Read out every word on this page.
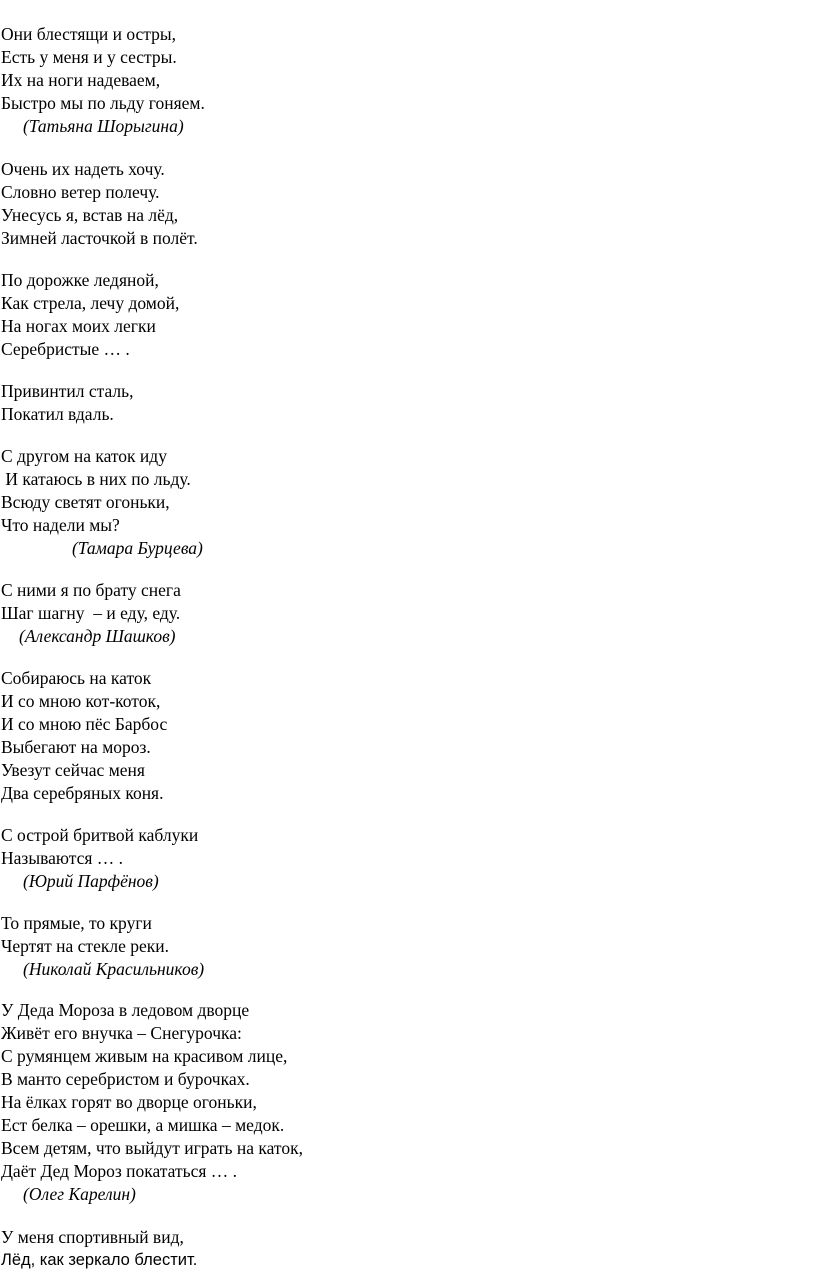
Они блестящи и остры,
Есть у меня и у сестры.
Их на ноги надеваем,
Быстро мы по льду гоняем.
(Татьяна Шорыгина)
Очень их надеть хочу.
Словно ветер полечу.
Унесусь я, встав на лёд,
Зимней ласточкой в полёт.
По дорожке ледяной,
Как стрела, лечу домой,
На ногах моих легки
Серебристые … .
Привинтил сталь,
Покатил вдаль.
С другом на каток иду
И катаюсь в них по льду.
Всюду светят огоньки,
Что надели мы?
(Тамара Бурцева)
С ними я по брату снега
Шаг шагну  – и еду, еду.
(Александр Шашков)
Собираюсь на каток
И со мною кот-коток,
И со мною пёс Барбос
Выбегают на мороз.
Увезут сейчас меня
Два серебряных коня.
С острой бритвой каблуки
Называются … .
(Юрий Парфёнов)
То прямые, то круги
Чертят на стекле реки.
(Николай Красильников)
У Деда Мороза в ледовом дворце
Живёт его внучка – Снегурочка:
С румянцем живым на красивом лице,
В манто серебристом и бурочках.
На ёлках горят во дворце огоньки,
Ест белка – орешки, а мишка – медок.
Всем детям, что выйдут играть на каток,
Даёт Дед Мороз покататься … .
(Олег Карелин)
У меня спортивный вид,
Лёд, как зеркало блестит.
